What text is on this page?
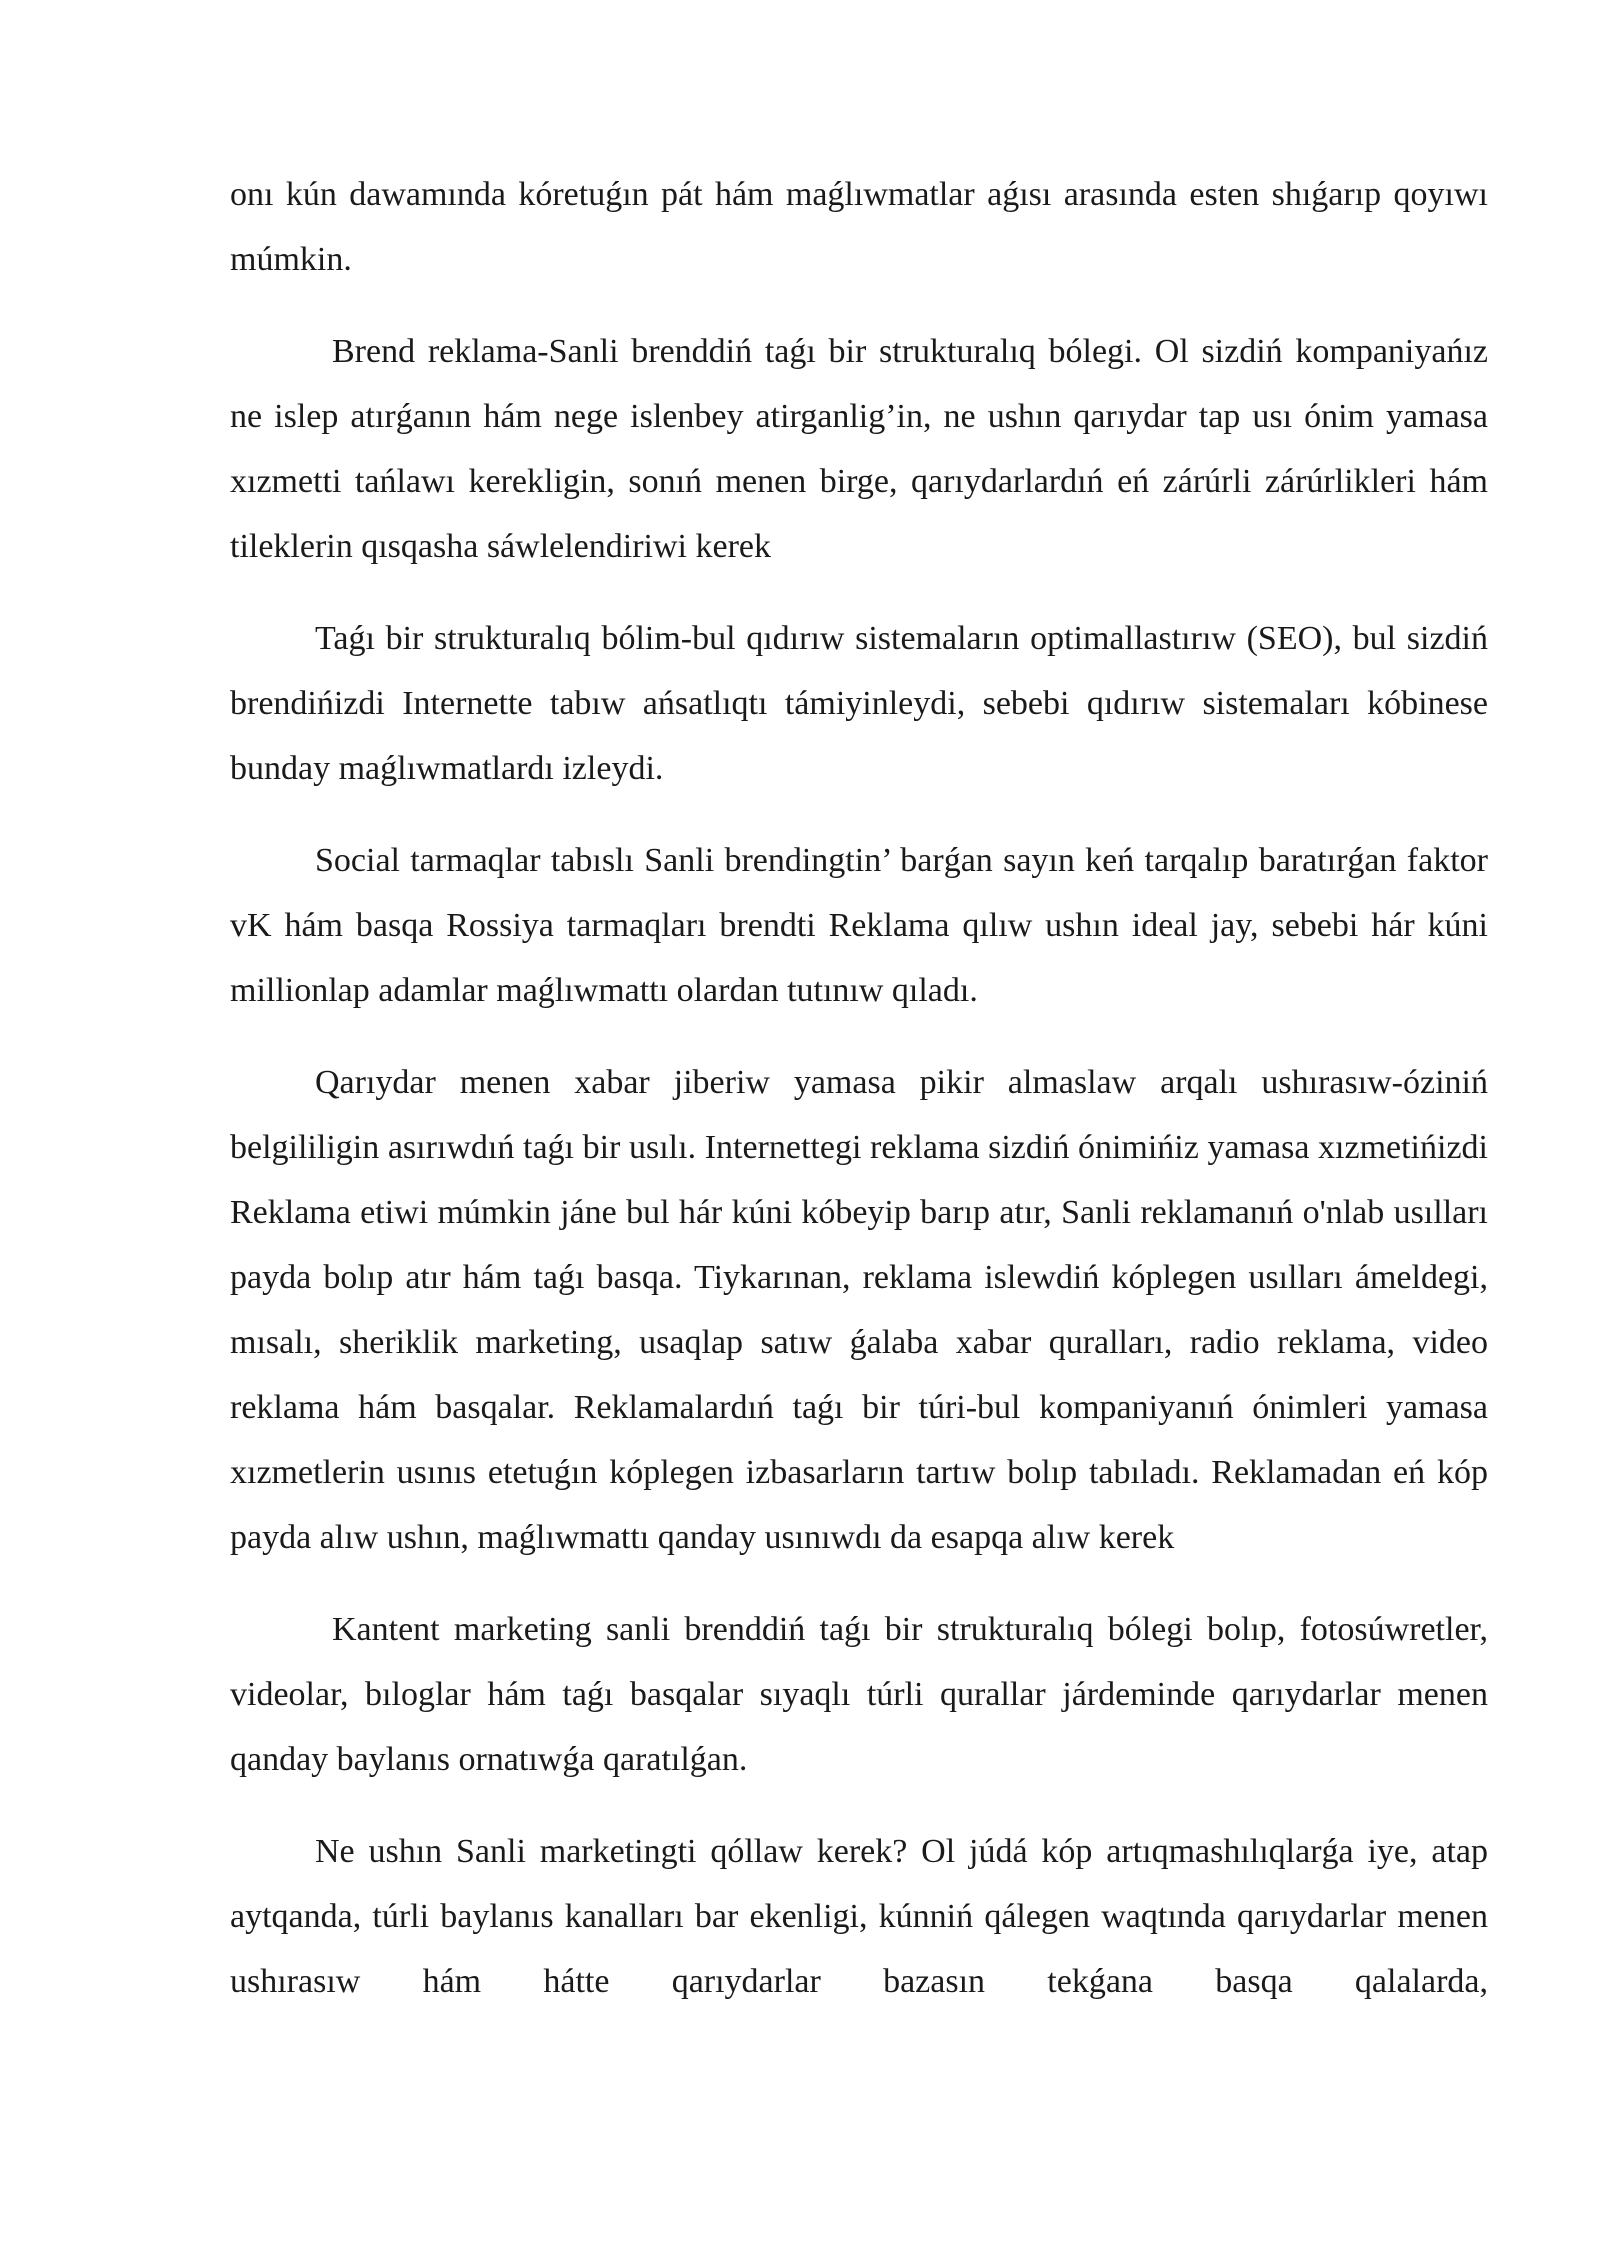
onı kún dawamında kóretuǵın pát hám maǵlıwmatlar aǵısı arasında esten shıǵarıp qoyıwı múmkin.

Brend reklama-Sanli brenddiń taǵı bir strukturalıq bólegi. Ol sizdiń kompaniyańız ne islep atırǵanın hám nege islenbey atirganlig’in, ne ushın qarıydar tap usı ónim yamasa xızmetti tańlawı kerekligin, sonıń menen birge, qarıydarlardıń eń zárúrli zárúrlikleri hám tileklerin qısqasha sáwlelendiriwi kerek

Taǵı bir strukturalıq bólim-bul qıdırıw sistemaların optimallastırıw (SEO), bul sizdiń brendińizdi Internette tabıw ańsatlıqtı támiyinleydi, sebebi qıdırıw sistemaları kóbinese bunday maǵlıwmatlardı izleydi.

Social tarmaqlar tabıslı Sanli brendingtin’ barǵan sayın keń tarqalıp baratırǵan faktor vK hám basqa Rossiya tarmaqları brendti Reklama qılıw ushın ideal jay, sebebi hár kúni millionlap adamlar maǵlıwmattı olardan tutınıw qıladı.

Qarıydar menen xabar jiberiw yamasa pikir almaslaw arqalı ushırasıw-óziniń belgililigin asırıwdıń taǵı bir usılı. Internettegi reklama sizdiń ónimińiz yamasa xızmetińizdi Reklama etiwi múmkin jáne bul hár kúni kóbeyip barıp atır, Sanli reklamanıń o'nlab usılları payda bolıp atır hám taǵı basqa. Tiykarınan, reklama islewdiń kóplegen usılları ámeldegi, mısalı, sheriklik marketing, usaqlap satıw ǵalaba xabar quralları, radio reklama, video reklama hám basqalar. Reklamalardıń taǵı bir túri-bul kompaniyanıń ónimleri yamasa xızmetlerin usınıs etetuǵın kóplegen izbasarların tartıw bolıp tabıladı. Reklamadan eń kóp payda alıw ushın, maǵlıwmattı qanday usınıwdı da esapqa alıw kerek

Kantent marketing sanli brenddiń taǵı bir strukturalıq bólegi bolıp, fotosúwretler, videolar, bıloglar hám taǵı basqalar sıyaqlı túrli qurallar járdeminde qarıydarlar menen qanday baylanıs ornatıwǵa qaratılǵan.

Ne ushın Sanli marketingti qóllaw kerek? Ol júdá kóp artıqmashılıqlarǵa iye, atap aytqanda, túrli baylanıs kanalları bar ekenligi, kúnniń qálegen waqtında qarıydarlar menen ushırasıw hám hátte qarıydarlar bazasın tekǵana basqa qalalarda,
